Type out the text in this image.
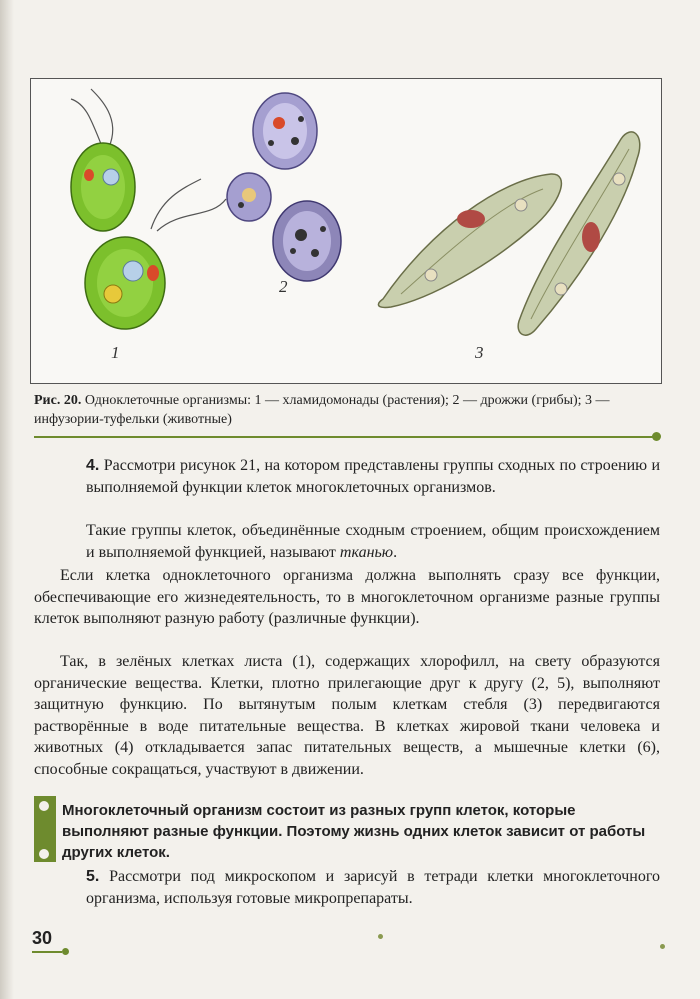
1
2
3
Рис. 20. Одноклеточные организмы: 1 — хламидомонады (растения); 2 — дрожжи (грибы); 3 — инфузории-туфельки (животные)
4. Рассмотри рисунок 21, на котором представлены группы сходных по строению и выполняемой функции клеток многоклеточных организмов.
Такие группы клеток, объединённые сходным строением, общим происхождением и выполняемой функцией, называют тканью.
Если клетка одноклеточного организма должна выполнять сразу все функции, обеспечивающие его жизнедеятельность, то в многоклеточном организме разные группы клеток выполняют разную работу (различные функции).
Так, в зелёных клетках листа (1), содержащих хлорофилл, на свету образуются органические вещества. Клетки, плотно прилегающие друг к другу (2, 5), выполняют защитную функцию. По вытянутым полым клеткам стебля (3) передвигаются растворённые в воде питательные вещества. В клетках жировой ткани человека и животных (4) откладывается запас питательных веществ, а мышечные клетки (6), способные сокращаться, участвуют в движении.
Многоклеточный организм состоит из разных групп клеток, которые выполняют разные функции. Поэтому жизнь одних клеток зависит от работы других клеток.
5. Рассмотри под микроскопом и зарисуй в тетради клетки многоклеточного организма, используя готовые микропрепараты.
30
